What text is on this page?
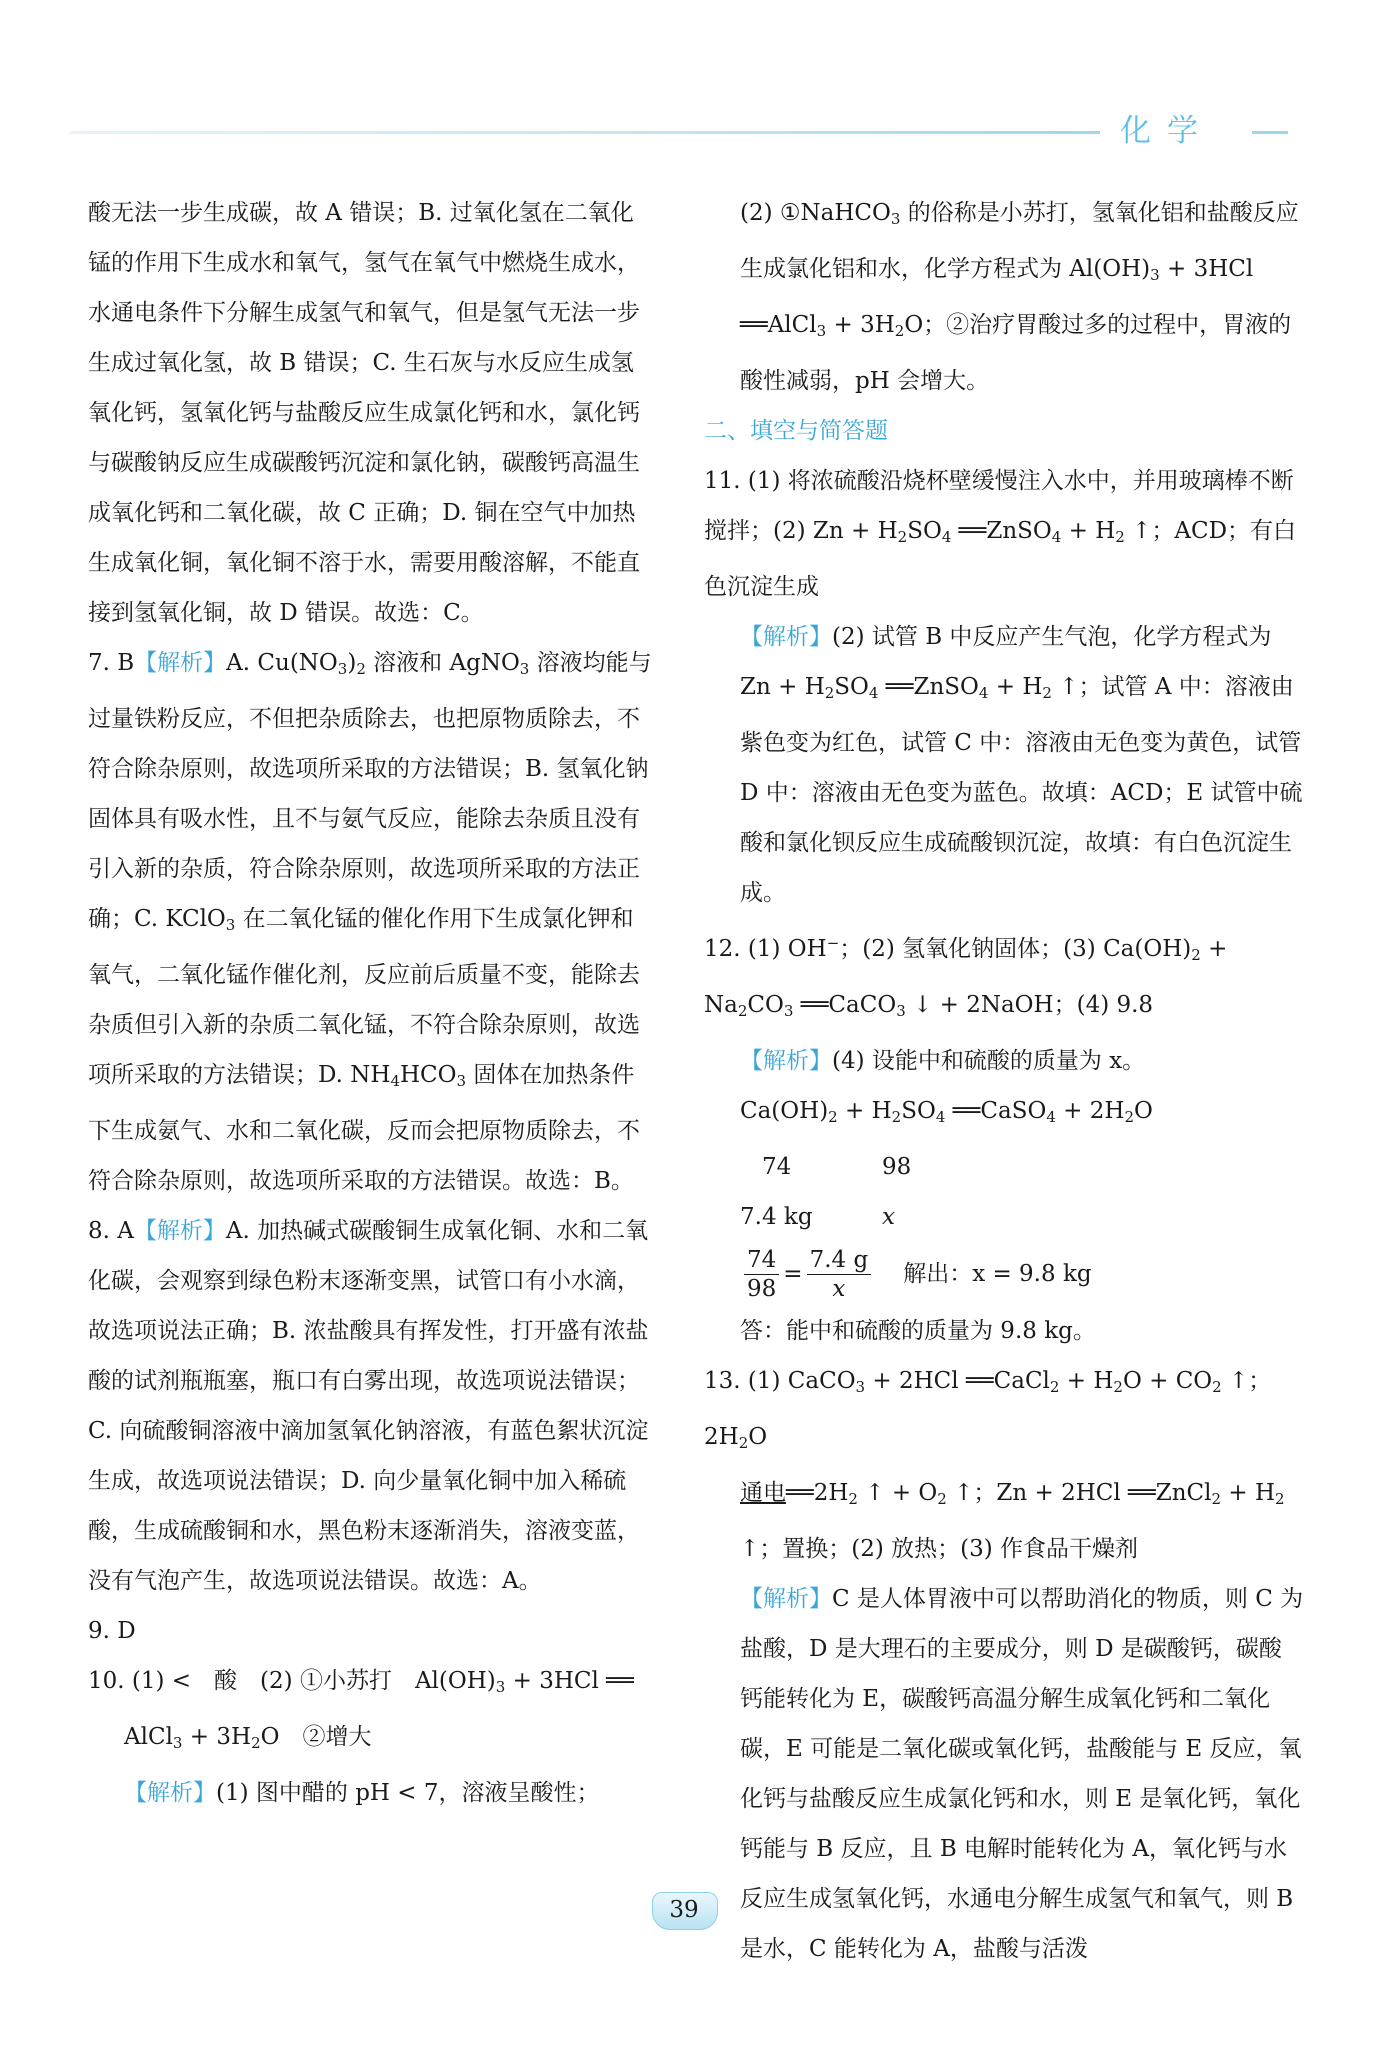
化学

酸无法一步生成碳，故 A 错误；B. 过氧化氢在二氧化锰的作用下生成水和氧气，氢气在氧气中燃烧生成水，水通电条件下分解生成氢气和氧气，但是氢气无法一步生成过氧化氢，故 B 错误；C. 生石灰与水反应生成氢氧化钙，氢氧化钙与盐酸反应生成氯化钙和水，氯化钙与碳酸钠反应生成碳酸钙沉淀和氯化钠，碳酸钙高温生成氧化钙和二氧化碳，故 C 正确；D. 铜在空气中加热生成氧化铜，氧化铜不溶于水，需要用酸溶解，不能直接到氢氧化铜，故 D 错误。故选：C。

7. B【解析】A. $Cu(NO_3)_2$ 溶液和 AgNO$_3$ 溶液均能与过量铁粉反应，不但把杂质除去，也把原物质除去，不符合除杂原则，故选项所采取的方法错误；B. 氢氧化钠固体具有吸水性，且不与氨气反应，能除去杂质且没有引入新的杂质，符合除杂原则，故选项所采取的方法正确；C. KClO$_3$ 在二氧化锰的催化作用下生成氯化钾和氧气，二氧化锰作催化剂，反应前后质量不变，能除去杂质但引入新的杂质二氧化锰，不符合除杂原则，故选项所采取的方法错误；D. $NH_4HCO_3$ 固体在加热条件下生成氨气、水和二氧化碳，反而会把原物质除去，不符合除杂原则，故选项所采取的方法错误。故选：B。

8. A【解析】A. 加热碱式碳酸铜生成氧化铜、水和二氧化碳，会观察到绿色粉末逐渐变黑，试管口有小水滴，故选项说法正确；B. 浓盐酸具有挥发性，打开盛有浓盐酸的试剂瓶瓶塞，瓶口有白雾出现，故选项说法错误；C. 向硫酸铜溶液中滴加氢氧化钠溶液，有蓝色絮状沉淀生成，故选项说法错误；D. 向少量氧化铜中加入稀硫酸，生成硫酸铜和水，黑色粉末逐渐消失，溶液变蓝，没有气泡产生，故选项说法错误。故选：A。

9. D

10. (1) <　酸　(2) ①小苏打　$Al(OH)_3 + 3HCl$ ══

AlCl$_3$ + $3H_2O$　②增大

【解析】(1) 图中醋的 pH < 7，溶液呈酸性；

(2) ①NaHCO$_3$ 的俗称是小苏打，氢氧化铝和盐酸反应生成氯化铝和水，化学方程式为 $Al(OH)_3 + 3HCl$ ══AlCl$_3$ + $3H_2O$；②治疗胃酸过多的过程中，胃液的酸性减弱，pH 会增大。

二、填空与简答题

11. (1) 将浓硫酸沿烧杯壁缓慢注入水中，并用玻璃棒不断搅拌；(2) $Zn + H_2SO_4$ ══ZnSO$_4$ + $H_2$ ↑；ACD；有白色沉淀生成

【解析】(2) 试管 B 中反应产生气泡，化学方程式为 $Zn + H_2SO_4$ ══ZnSO$_4$ + $H_2$ ↑；试管 A 中：溶液由紫色变为红色，试管 C 中：溶液由无色变为黄色，试管 D 中：溶液由无色变为蓝色。故填：ACD；E 试管中硫酸和氯化钡反应生成硫酸钡沉淀，故填：有白色沉淀生成。

12. (1) OH−；(2) 氢氧化钠固体；(3) $Ca(OH)_2 + Na_2CO_3$ ══CaCO$_3$ ↓ + 2NaOH；(4) 9.8

【解析】(4) 设能中和硫酸的质量为 x。

$Ca(OH)_2 + H_2SO_4$ ══CaSO$_4$ + $2H_2O$

74	98
7.4 kg	x
$\frac{74}{98} = \frac{7.4 g}{x}$ 解出：x = 9.8 kg

答：能中和硫酸的质量为 9.8 kg。

13. (1) CaCO$_3$ + 2HCl ══CaCl$_2$ + $H_2O + CO_2$ ↑；$2H_2O$

通电$══2H_2$ ↑ + $O_2$ ↑；Zn + 2HCl ══ZnCl$_2$ + $H_2$ ↑；置换；(2) 放热；(3) 作食品干燥剂

【解析】C 是人体胃液中可以帮助消化的物质，则 C 为盐酸，D 是大理石的主要成分，则 D 是碳酸钙，碳酸钙能转化为 E，碳酸钙高温分解生成氧化钙和二氧化碳，E 可能是二氧化碳或氧化钙，盐酸能与 E 反应，氧化钙与盐酸反应生成氯化钙和水，则 E 是氧化钙，氧化钙能与 B 反应，且 B 电解时能转化为 A，氧化钙与水反应生成氢氧化钙，水通电分解生成氢气和氧气，则 B 是水，C 能转化为 A，盐酸与活泼

39
